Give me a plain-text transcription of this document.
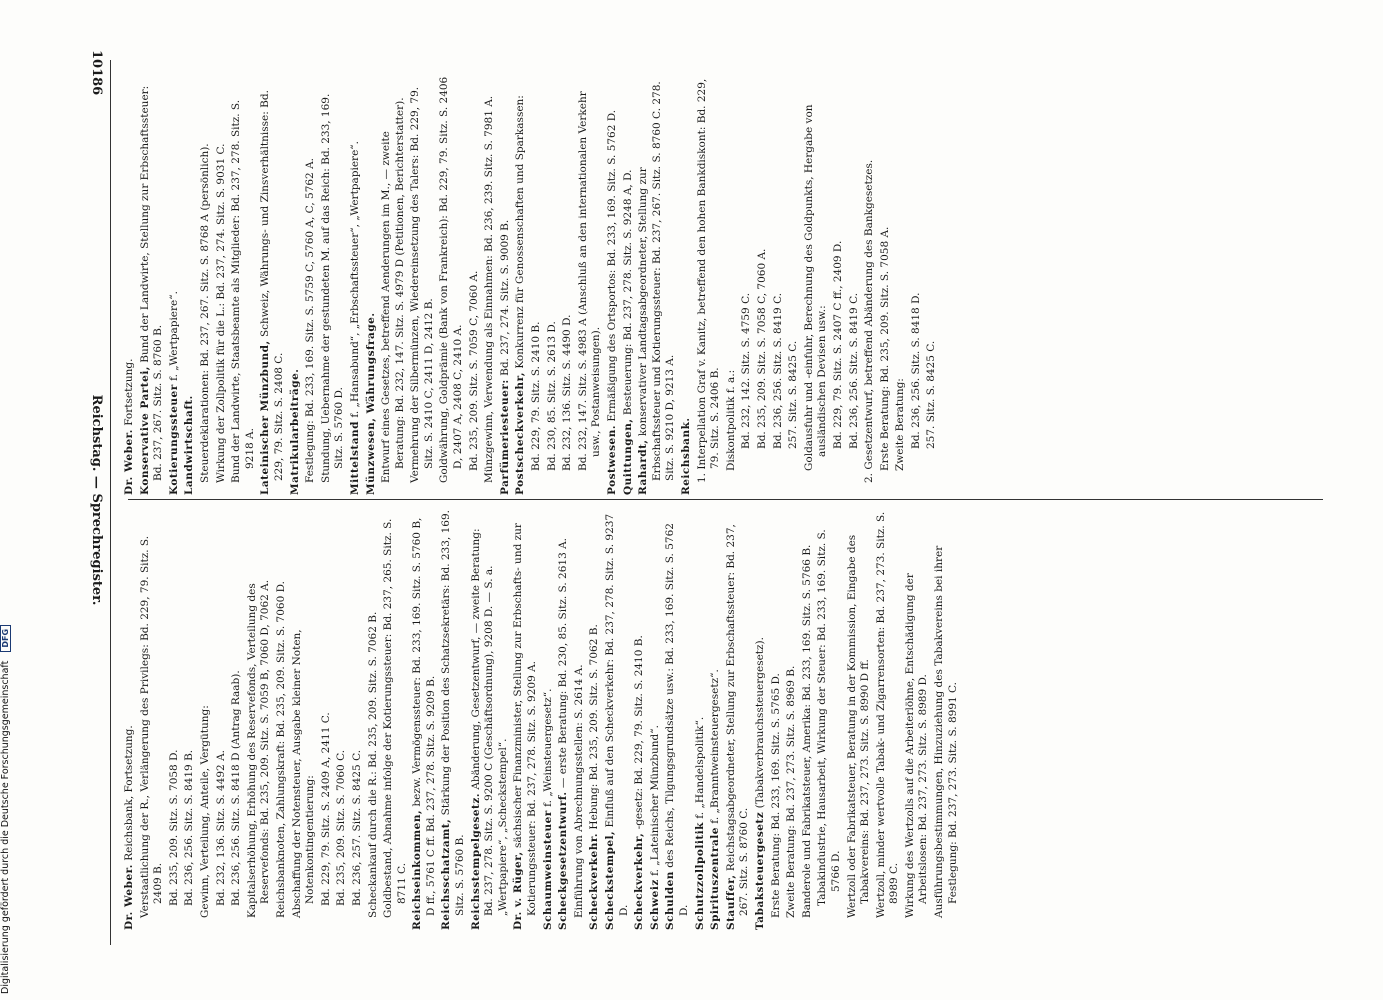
10186
Reichstag. — Sprechregister. Dr. Weber. Fortsetzung. Konservative Partei, Bund der Landwirte, Stellung zur Erbschaftssteuer: Bd. 237, 267. Sitz. S. 8760 B. Kotierungssteuer f. „Wertpapiere“.

Landwirtschaft. Steuerdeklarationen: Bd. 237, 267. Sitz. S. 8768 A (persönlich). Wirkung der Zollpolitik für die L.: Bd. 237, 274. Sitz. S. 9031 C. Bund der Landwirte, Staatsbeamte als Mitglieder: Bd. 237, 278. Sitz. S. 9218 A. Lateinischer Münzbund, Schweiz, Währungs- und Zinsverhältnisse: Bd. 229, 79. Sitz. S. 2408 C. Matrikularbeiträge. Festlegung: Bd. 233, 169. Sitz. S. 5759 C, 5760 A, C, 5762 A. Stundung, Uebernahme der gestundeten M. auf das Reich: Bd. 233, 169. Sitz. S. 5760 D. Mittelstand f. „Hansabund“, „Erbschaftssteuer“, „Wertpapiere“. Münzwesen, Währungsfrage. Entwurf eines Gesetzes, betreffend Aenderungen im M., — zweite Beratung: Bd. 232, 147. Sitz. S. 4979 D (Petitionen, Berichterstatter). Vermehrung der Silbermünzen, Wiedereinsetzung des Talers: Bd. 229, 79. Sitz. S. 2410 C, 2411 D, 2412 B. Goldwährung, Goldprämie (Bank von Frankreich): Bd. 229, 79. Sitz. S. 2406 D, 2407 A, 2408 C, 2410 A. Bd. 235, 209. Sitz. S. 7059 C, 7060 A. Münzgewinn, Verwendung als Einnahmen: Bd. 236, 239. Sitz. S. 7981 A. Parfümeriesteuer: Bd. 237, 274. Sitz. S. 9009 B.

Postscheckverkehr, Konkurrenz für Genossenschaften und Sparkassen:

Bd. 229, 79. Sitz. S. 2410 B. Bd. 230, 85. Sitz. S. 2613 D. Bd. 232, 136. Sitz. S. 4490 D. Bd. 232, 147. Sitz. S. 4983 A (Anschluß an den internationalen Verkehr usw., Postanweisungen).

Postwesen. Ermäßigung des Ortsportos: Bd. 233, 169. Sitz. S. 5762 D.

Quittungen, Besteuerung: Bd. 237, 278. Sitz. S. 9248 A, D.

Rahardt, konservativer Landtagsabgeordneter, Stellung zur Erbschaftssteuer und Kotierungssteuer: Bd. 237, 267. Sitz. S. 8760 C. 278. Sitz. S. 9210 D, 9213 A. Reichsbank. 1. Interpellation Graf v. Kanitz, betreffend den hohen Bankdiskont: Bd. 229, 79. Sitz. S. 2406 B. Diskontpolitik f. a.: Bd. 232, 142. Sitz. S. 4759 C. Bd. 235, 209. Sitz. S. 7058 C, 7060 A. Bd. 236, 256. Sitz. S. 8419 C. 257. Sitz. S. 8425 C. Goldausfuhr und -einfuhr, Berechnung des Goldpunkts, Hergabe von ausländischen Devisen usw.: Bd. 229, 79. Sitz. S. 2407 C ff., 2409 D. Bd. 236, 256. Sitz. S. 8419 C. 2. Gesetzentwurf, betreffend Abänderung des Bankgesetzes. Erste Beratung: Bd. 235, 209. Sitz. S. 7058 A. Zweite Beratung: Bd. 236, 256. Sitz. S. 8418 D. 257. Sitz. S. 8425 C.

Dr. Weber. Reichsbank, Fortsetzung. Verstaatlichung der R., Verlängerung des Privilegs: Bd. 229, 79. Sitz. S. 2409 B. Bd. 235, 209. Sitz. S. 7058 D. Bd. 236, 256. Sitz. S. 8419 B. Gewinn, Verteilung, Anteile, Vergütung: Bd. 232, 136. Sitz. S. 4492 A. Bd. 236, 256. Sitz. S. 8418 D (Antrag Raab). Kapitalserhöhung, Erhöhung des Reservefonds, Verteilung des Reservefonds: Bd. 235, 209. Sitz. S. 7059 B, 7060 D, 7062 A. Reichsbanknoten, Zahlungskraft: Bd. 235, 209. Sitz. S. 7060 D. Abschaffung der Notensteuer, Ausgabe kleiner Noten, Notenkontingentierung: Bd. 229, 79. Sitz. S. 2409 A, 2411 C. Bd. 235, 209. Sitz. S. 7060 C. Bd. 236, 257. Sitz. S. 8425 C. Scheckankauf durch die R.: Bd. 235, 209. Sitz. S. 7062 B. Goldbestand, Abnahme infolge der Kotierungssteuer: Bd. 237, 265. Sitz. S. 8711 C. Reichseinkommen, bezw. Vermögenssteuer: Bd. 233, 169. Sitz. S. 5760 B, D ff., 5761 C ff. Bd. 237, 278. Sitz. S. 9209 B. Reichsschatzamt, Stärkung der Position des Schatzsekretärs: Bd. 233, 169. Sitz. S. 5760 B. Reichsstempelgesetz. Abänderung, Gesetzentwurf, — zweite Beratung: Bd. 237, 278. Sitz. S. 9200 C (Geschäftsordnung), 9208 D. — S. a. „Wertpapiere“, „Scheckstempel“. Dr. v. Rüger, sächsischer Finanzminister, Stellung zur Erbschafts- und zur Kotierungssteuer: Bd. 237, 278. Sitz. S. 9209 A. Schaumweinsteuer f. „Weinsteuergesetz“.

Scheckgesetzentwurf. — erste Beratung: Bd. 230, 85. Sitz. S. 2613 A.

Einführung von Abrechnungsstellen: S. 2614 A. Scheckverkehr. Hebung: Bd. 235, 209. Sitz. S. 7062 B.

Scheckstempel, Einfluß auf den Scheckverkehr: Bd. 237, 278. Sitz. S. 9237 D. Scheckverkehr, -gesetz: Bd. 229, 79. Sitz. S. 2410 B.

Schweiz f. „Lateinischer Münzbund“.

Schulden des Reichs, Tilgungsgrundsätze usw.: Bd. 233, 169. Sitz. S. 5762 D. Schutzzollpolitik f. „Handelspolitik“.

Spirituszentrale f. „Branntweinsteuergesetz“.

Stauffer, Reichstagsabgeordneter, Stellung zur Erbschaftssteuer: Bd. 237, 267. Sitz. S. 8760 C. Tabaksteuergesetz (Tabakverbrauchssteuergesetz). Erste Beratung: Bd. 233, 169. Sitz. S. 5765 D. Zweite Beratung: Bd. 237, 273. Sitz. S. 8969 B. Banderole und Fabrikatsteuer, Amerika: Bd. 233, 169. Sitz. S. 5766 B. Tabakindustrie, Hausarbeit, Wirkung der Steuer: Bd. 233, 169. Sitz. S. 5766 D. Wertzoll oder Fabrikatsteuer, Beratung in der Kommission, Eingabe des Tabakvereins: Bd. 237, 273. Sitz. S. 8990 D ff. Wertzoll, minder wertvolle Tabak- und Zigarrensorten: Bd. 237, 273. Sitz. S. 8989 C. Wirkung des Wertzolls auf die Arbeiterlöhne, Entschädigung der Arbeitslosen: Bd. 237, 273. Sitz. S. 8989 D. Ausführungsbestimmungen, Hinzuziehung des Tabakvereins bei ihrer Festlegung: Bd. 237, 273. Sitz. S. 8991 C.

Digitalisierung gefördert durch die Deutsche Forschungsgemeinschaft DFG
